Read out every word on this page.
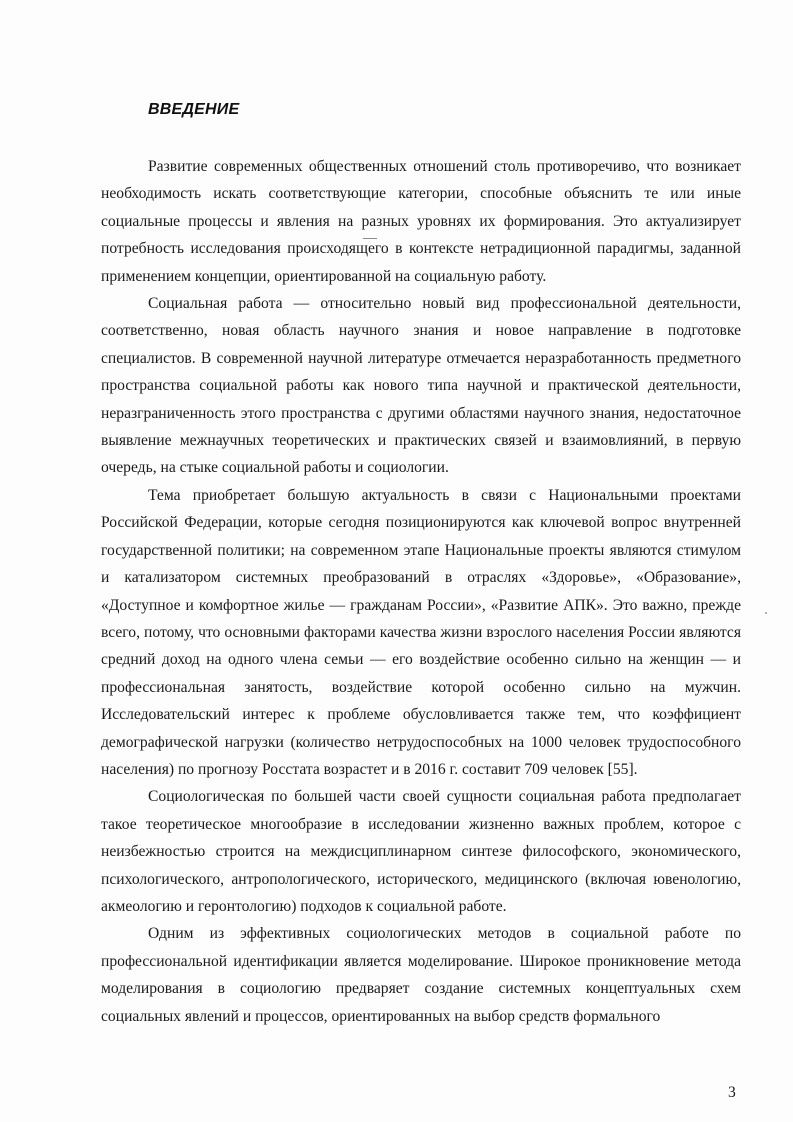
ВВЕДЕНИЕ

Развитие современных общественных отношений столь противоречиво, что возникает необходимость искать соответствующие категории, способные объяснить те или иные социальные процессы и явления на разных уровнях их формирования. Это актуализирует потребность исследования происходящего в контексте нетрадиционной парадигмы, заданной применением концепции, ориентированной на социальную работу.

Социальная работа — относительно новый вид профессиональной деятельности, соответственно, новая область научного знания и новое направление в подготовке специалистов. В современной научной литературе отмечается неразработанность предметного пространства социальной работы как нового типа научной и практической деятельности, неразграниченность этого пространства с другими областями научного знания, недостаточное выявление межнаучных теоретических и практических связей и взаимовлияний, в первую очередь, на стыке социальной работы и социологии.

Тема приобретает большую актуальность в связи с Национальными проектами Российской Федерации, которые сегодня позиционируются как ключевой вопрос внутренней государственной политики; на современном этапе Национальные проекты являются стимулом и катализатором системных преобразований в отраслях «Здоровье», «Образование», «Доступное и комфортное жилье — гражданам России», «Развитие АПК». Это важно, прежде всего, потому, что основными факторами качества жизни взрослого населения России являются средний доход на одного члена семьи — его воздействие особенно сильно на женщин — и профессиональная занятость, воздействие которой особенно сильно на мужчин. Исследовательский интерес к проблеме обусловливается также тем, что коэффициент демографической нагрузки (количество нетрудоспособных на 1000 человек трудоспособного населения) по прогнозу Росстата возрастет и в 2016 г. составит 709 человек [55].

Социологическая по большей части своей сущности социальная работа предполагает такое теоретическое многообразие в исследовании жизненно важных проблем, которое с неизбежностью строится на междисциплинарном синтезе философского, экономического, психологического, антропологического, исторического, медицинского (включая ювенологию, акмеологию и геронтологию) подходов к социальной работе.

Одним из эффективных социологических методов в социальной работе по профессиональной идентификации является моделирование. Широкое проникновение метода моделирования в социологию предваряет создание системных концептуальных схем социальных явлений и процессов, ориентированных на выбор средств формального

3
